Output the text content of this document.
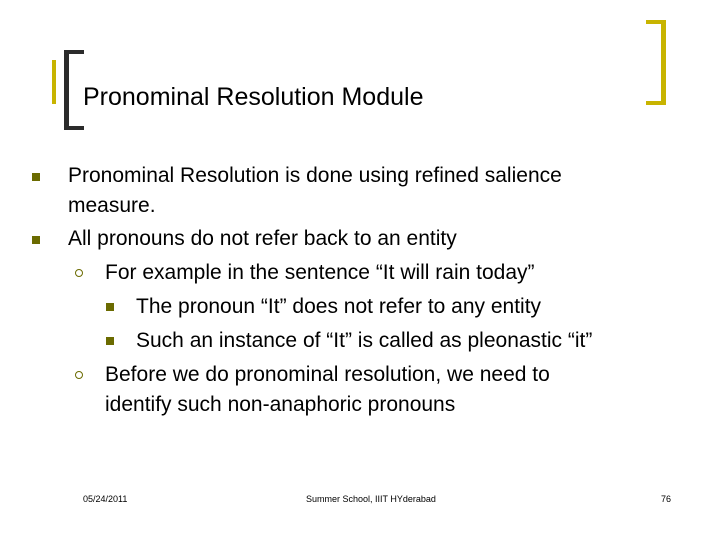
Pronominal Resolution Module
Pronominal Resolution is done using refined salience
measure.
All pronouns do not refer back to an entity
For example in the sentence “It will rain today”
The pronoun “It” does not refer to any entity
Such an instance of “It” is called as pleonastic “it”
Before we do pronominal resolution, we need to
identify such non-anaphoric pronouns
05/24/2011	Summer School, IIIT HYderabad	76
